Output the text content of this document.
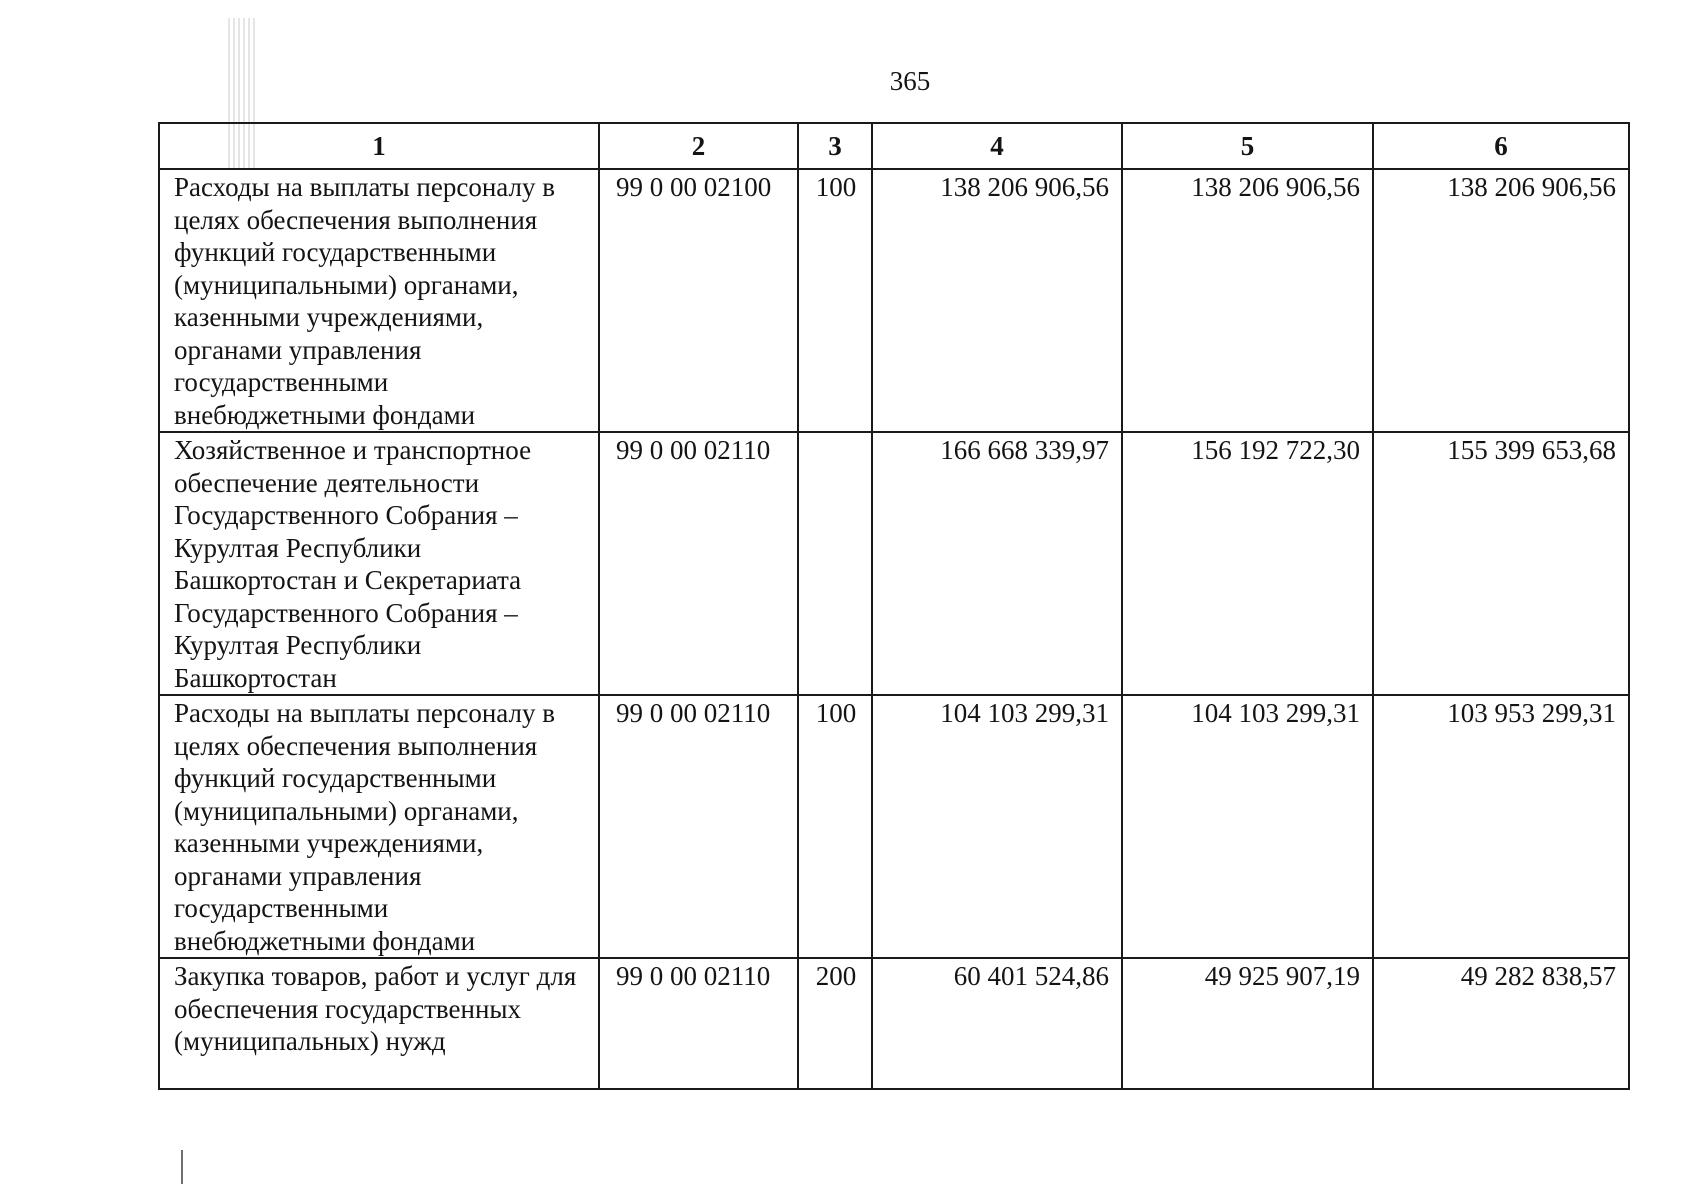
365
1	2	3	4	5	6
Расходы на выплаты персоналу в целях обеспечения выполнения функций государственными (муниципальными) органами, казенными учреждениями, органами управления государственными внебюджетными фондами	99 0 00 02100	100	138 206 906,56	138 206 906,56	138 206 906,56
Хозяйственное и транспортное обеспечение деятельности Государственного Собрания – Курултая Республики Башкортостан и Секретариата Государственного Собрания – Курултая Республики Башкортостан	99 0 00 02110		166 668 339,97	156 192 722,30	155 399 653,68
Расходы на выплаты персоналу в целях обеспечения выполнения функций государственными (муниципальными) органами, казенными учреждениями, органами управления государственными внебюджетными фондами	99 0 00 02110	100	104 103 299,31	104 103 299,31	103 953 299,31
Закупка товаров, работ и услуг для обеспечения государственных (муниципальных) нужд	99 0 00 02110	200	60 401 524,86	49 925 907,19	49 282 838,57
